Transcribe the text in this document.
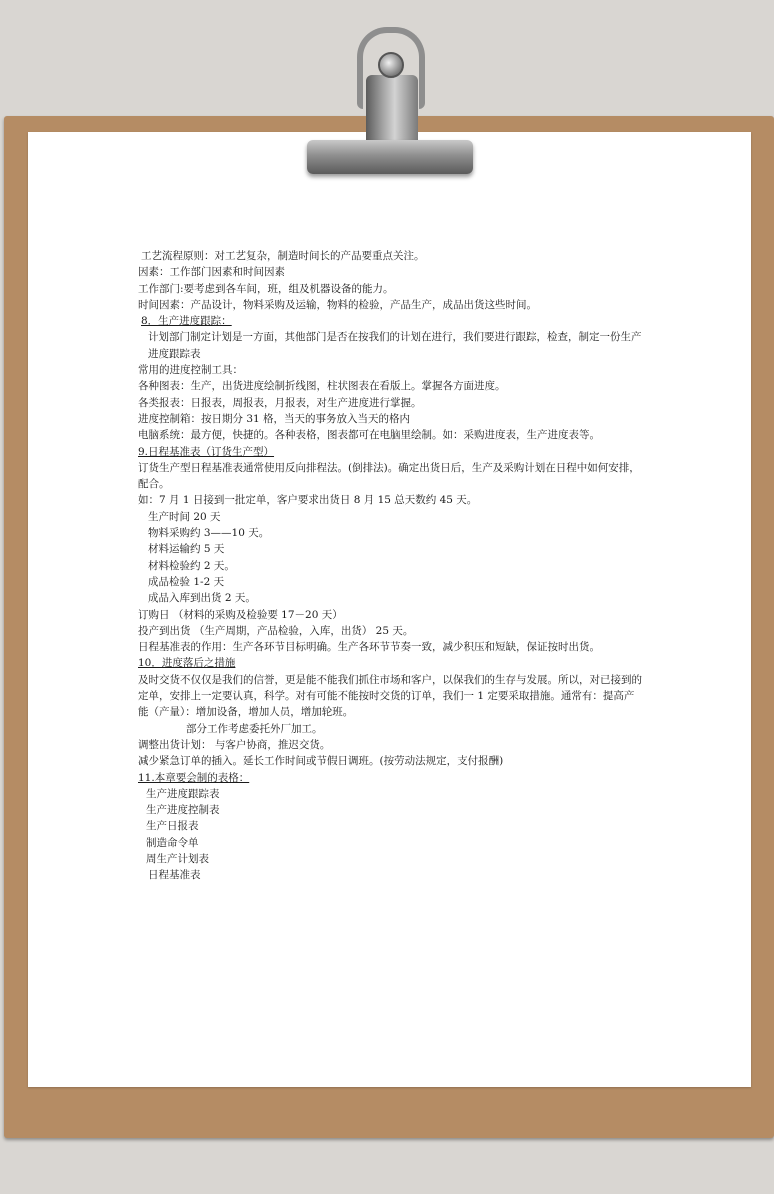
工艺流程原则：对工艺复杂，制造时间长的产品要重点关注。
因素：工作部门因素和时间因素
工作部门:要考虑到各车间，班，组及机器设备的能力。
时间因素：产品设计，物料采购及运输，物料的检验，产品生产，成品出货这些时间。
8．生产进度跟踪：
计划部门制定计划是一方面，其他部门是否在按我们的计划在进行，我们要进行跟踪，检查，制定一份生产进度跟踪表
常用的进度控制工具：
各种图表：生产，出货进度绘制折线图，柱状图表在看版上。掌握各方面进度。
各类报表：日报表，周报表，月报表，对生产进度进行掌握。
进度控制箱：按日期分 31 格，当天的事务放入当天的格内
电脑系统：最方便，快捷的。各种表格，图表都可在电脑里绘制。如：采购进度表，生产进度表等。
9.日程基准表（订货生产型）
订货生产型日程基准表通常使用反向排程法。(倒排法)。确定出货日后，生产及采购计划在日程中如何安排，配合。
如：7 月 1 日接到一批定单，客户要求出货日 8 月 15 总天数约 45 天。
生产时间 20 天
物料采购约 3——10 天。
材料运输约 5 天
材料检验约 2 天。
成品检验 1-2 天
成品入库到出货 2 天。
订购日 （材料的采购及检验要 17－20 天）
投产到出货 （生产周期，产品检验，入库，出货） 25 天。
日程基准表的作用：生产各环节目标明确。生产各环节节奏一致，减少积压和短缺，保证按时出货。
10．进度落后之措施
及时交货不仅仅是我们的信誉，更是能不能我们抓住市场和客户，以保我们的生存与发展。所以，对已接到的定单，安排上一定要认真，科学。对有可能不能按时交货的订单，我们一 1 定要采取措施。通常有：提高产能（产量）：增加设备，增加人员，增加轮班。
部分工作考虑委托外厂加工。
调整出货计划： 与客户协商，推迟交货。
减少紧急订单的插入。延长工作时间或节假日调班。(按劳动法规定，支付报酬)
11.本章要会制的表格：
生产进度跟踪表
生产进度控制表
生产日报表
制造命令单
周生产计划表
日程基准表
